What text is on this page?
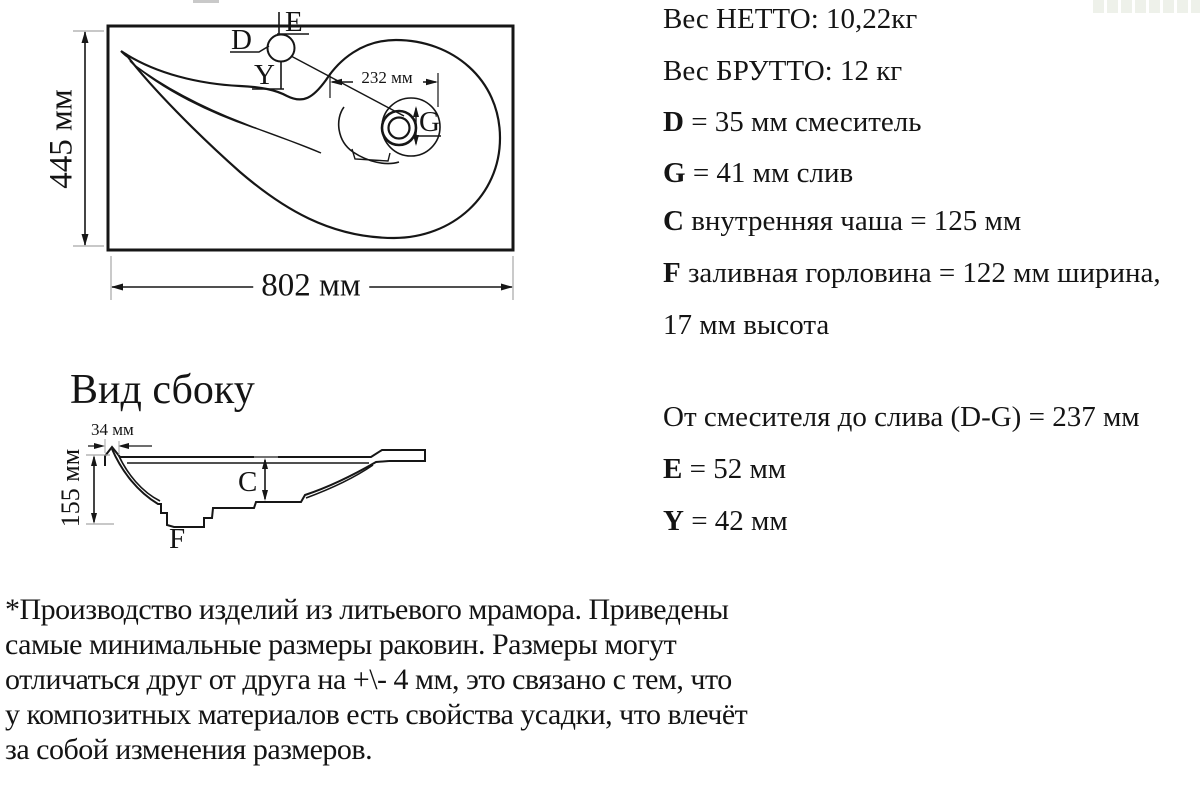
445 мм
802 мм
232 мм
D
E
Y
G
Вид сбоку
34 мм
155 мм	C
F
Вес НЕТТО: 10,22кг
Вес БРУТТО: 12 кг
D = 35 мм смеситель
G = 41 мм слив
C внутренняя чаша = 125 мм
F заливная горловина = 122 мм ширина,
17 мм высота
От смесителя до слива (D-G) = 237 мм
E = 52 мм
Y = 42 мм
*Производство изделий из литьевого мрамора. Приведены
самые минимальные размеры раковин. Размеры могут
отличаться друг от друга на +\- 4 мм, это связано с тем, что
у композитных материалов есть свойства усадки, что влечёт
за собой изменения размеров.
